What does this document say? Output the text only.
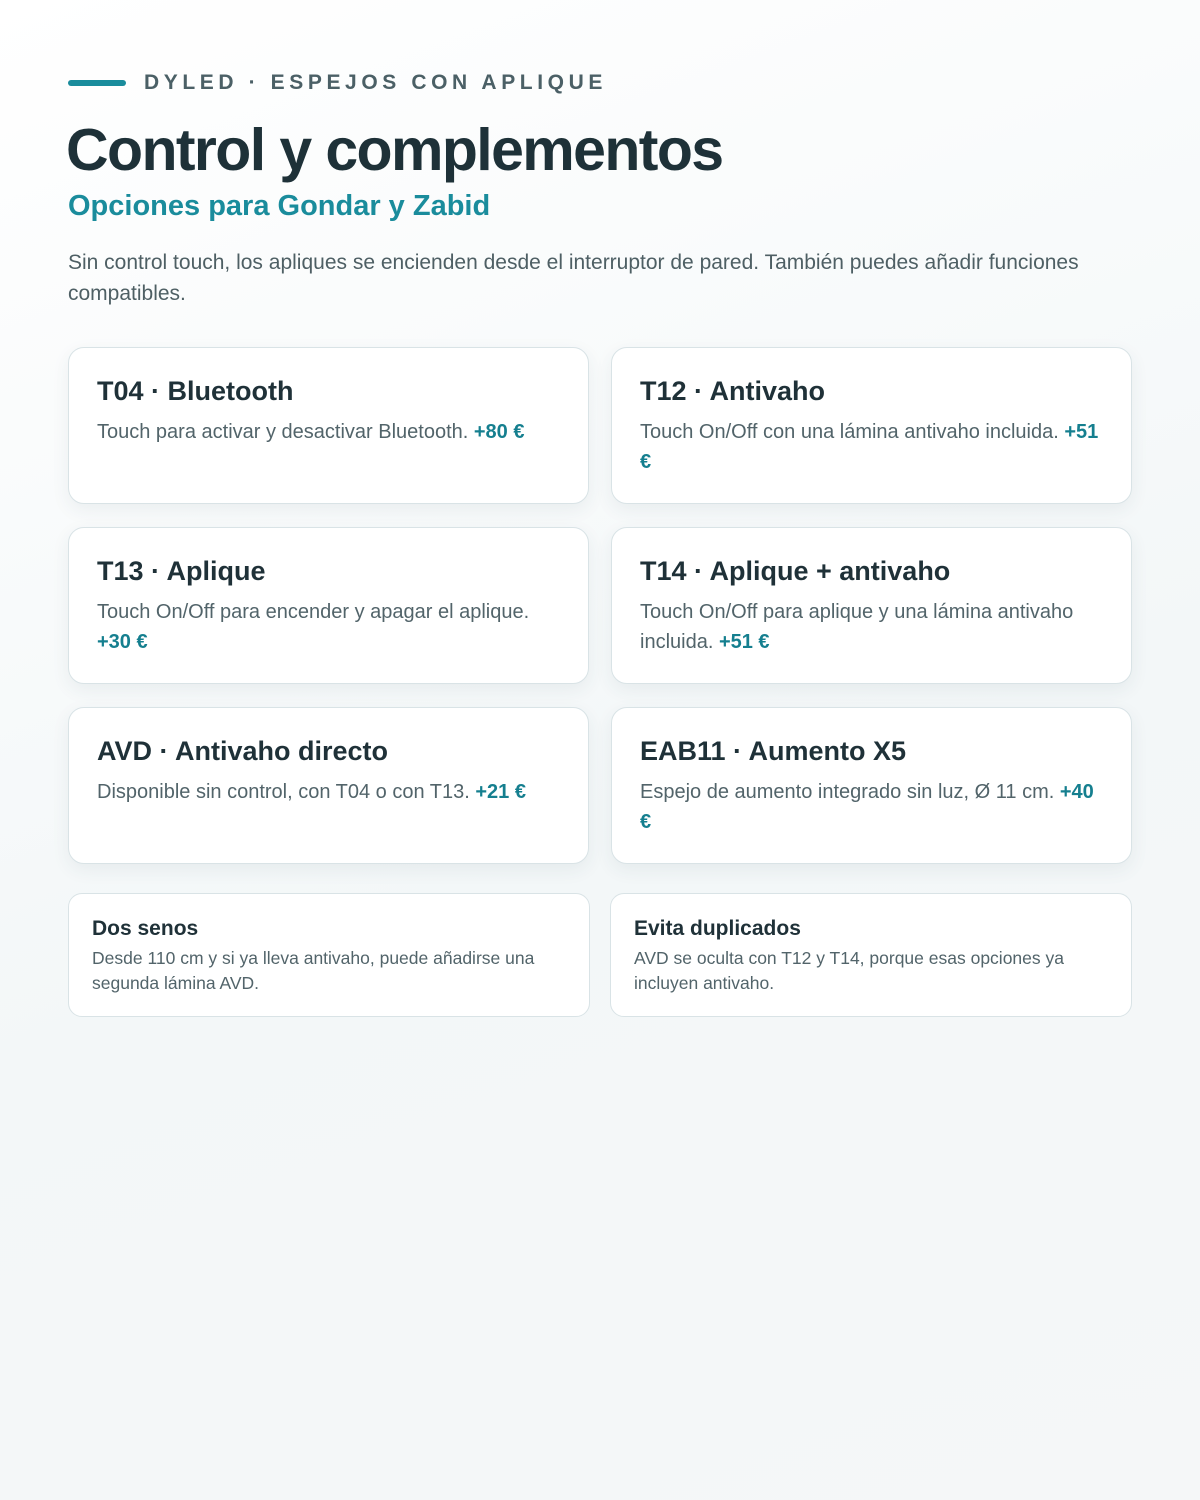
DYLED · ESPEJOS CON APLIQUE
Control y complementos
Opciones para Gondar y Zabid

Sin control touch, los apliques se encienden desde el interruptor de pared. También puedes añadir funciones compatibles.

T04 · Bluetooth

Touch para activar y desactivar Bluetooth. +80 €

T12 · Antivaho

Touch On/Off con una lámina antivaho incluida. +51 €

T13 · Aplique

Touch On/Off para encender y apagar el aplique. +30 €

T14 · Aplique + antivaho

Touch On/Off para aplique y una lámina antivaho incluida. +51 €

AVD · Antivaho directo

Disponible sin control, con T04 o con T13. +21 €

EAB11 · Aumento X5

Espejo de aumento integrado sin luz, Ø 11 cm. +40 €

Dos senos

Desde 110 cm y si ya lleva antivaho, puede añadirse una segunda lámina AVD.

Evita duplicados

AVD se oculta con T12 y T14, porque esas opciones ya incluyen antivaho.
